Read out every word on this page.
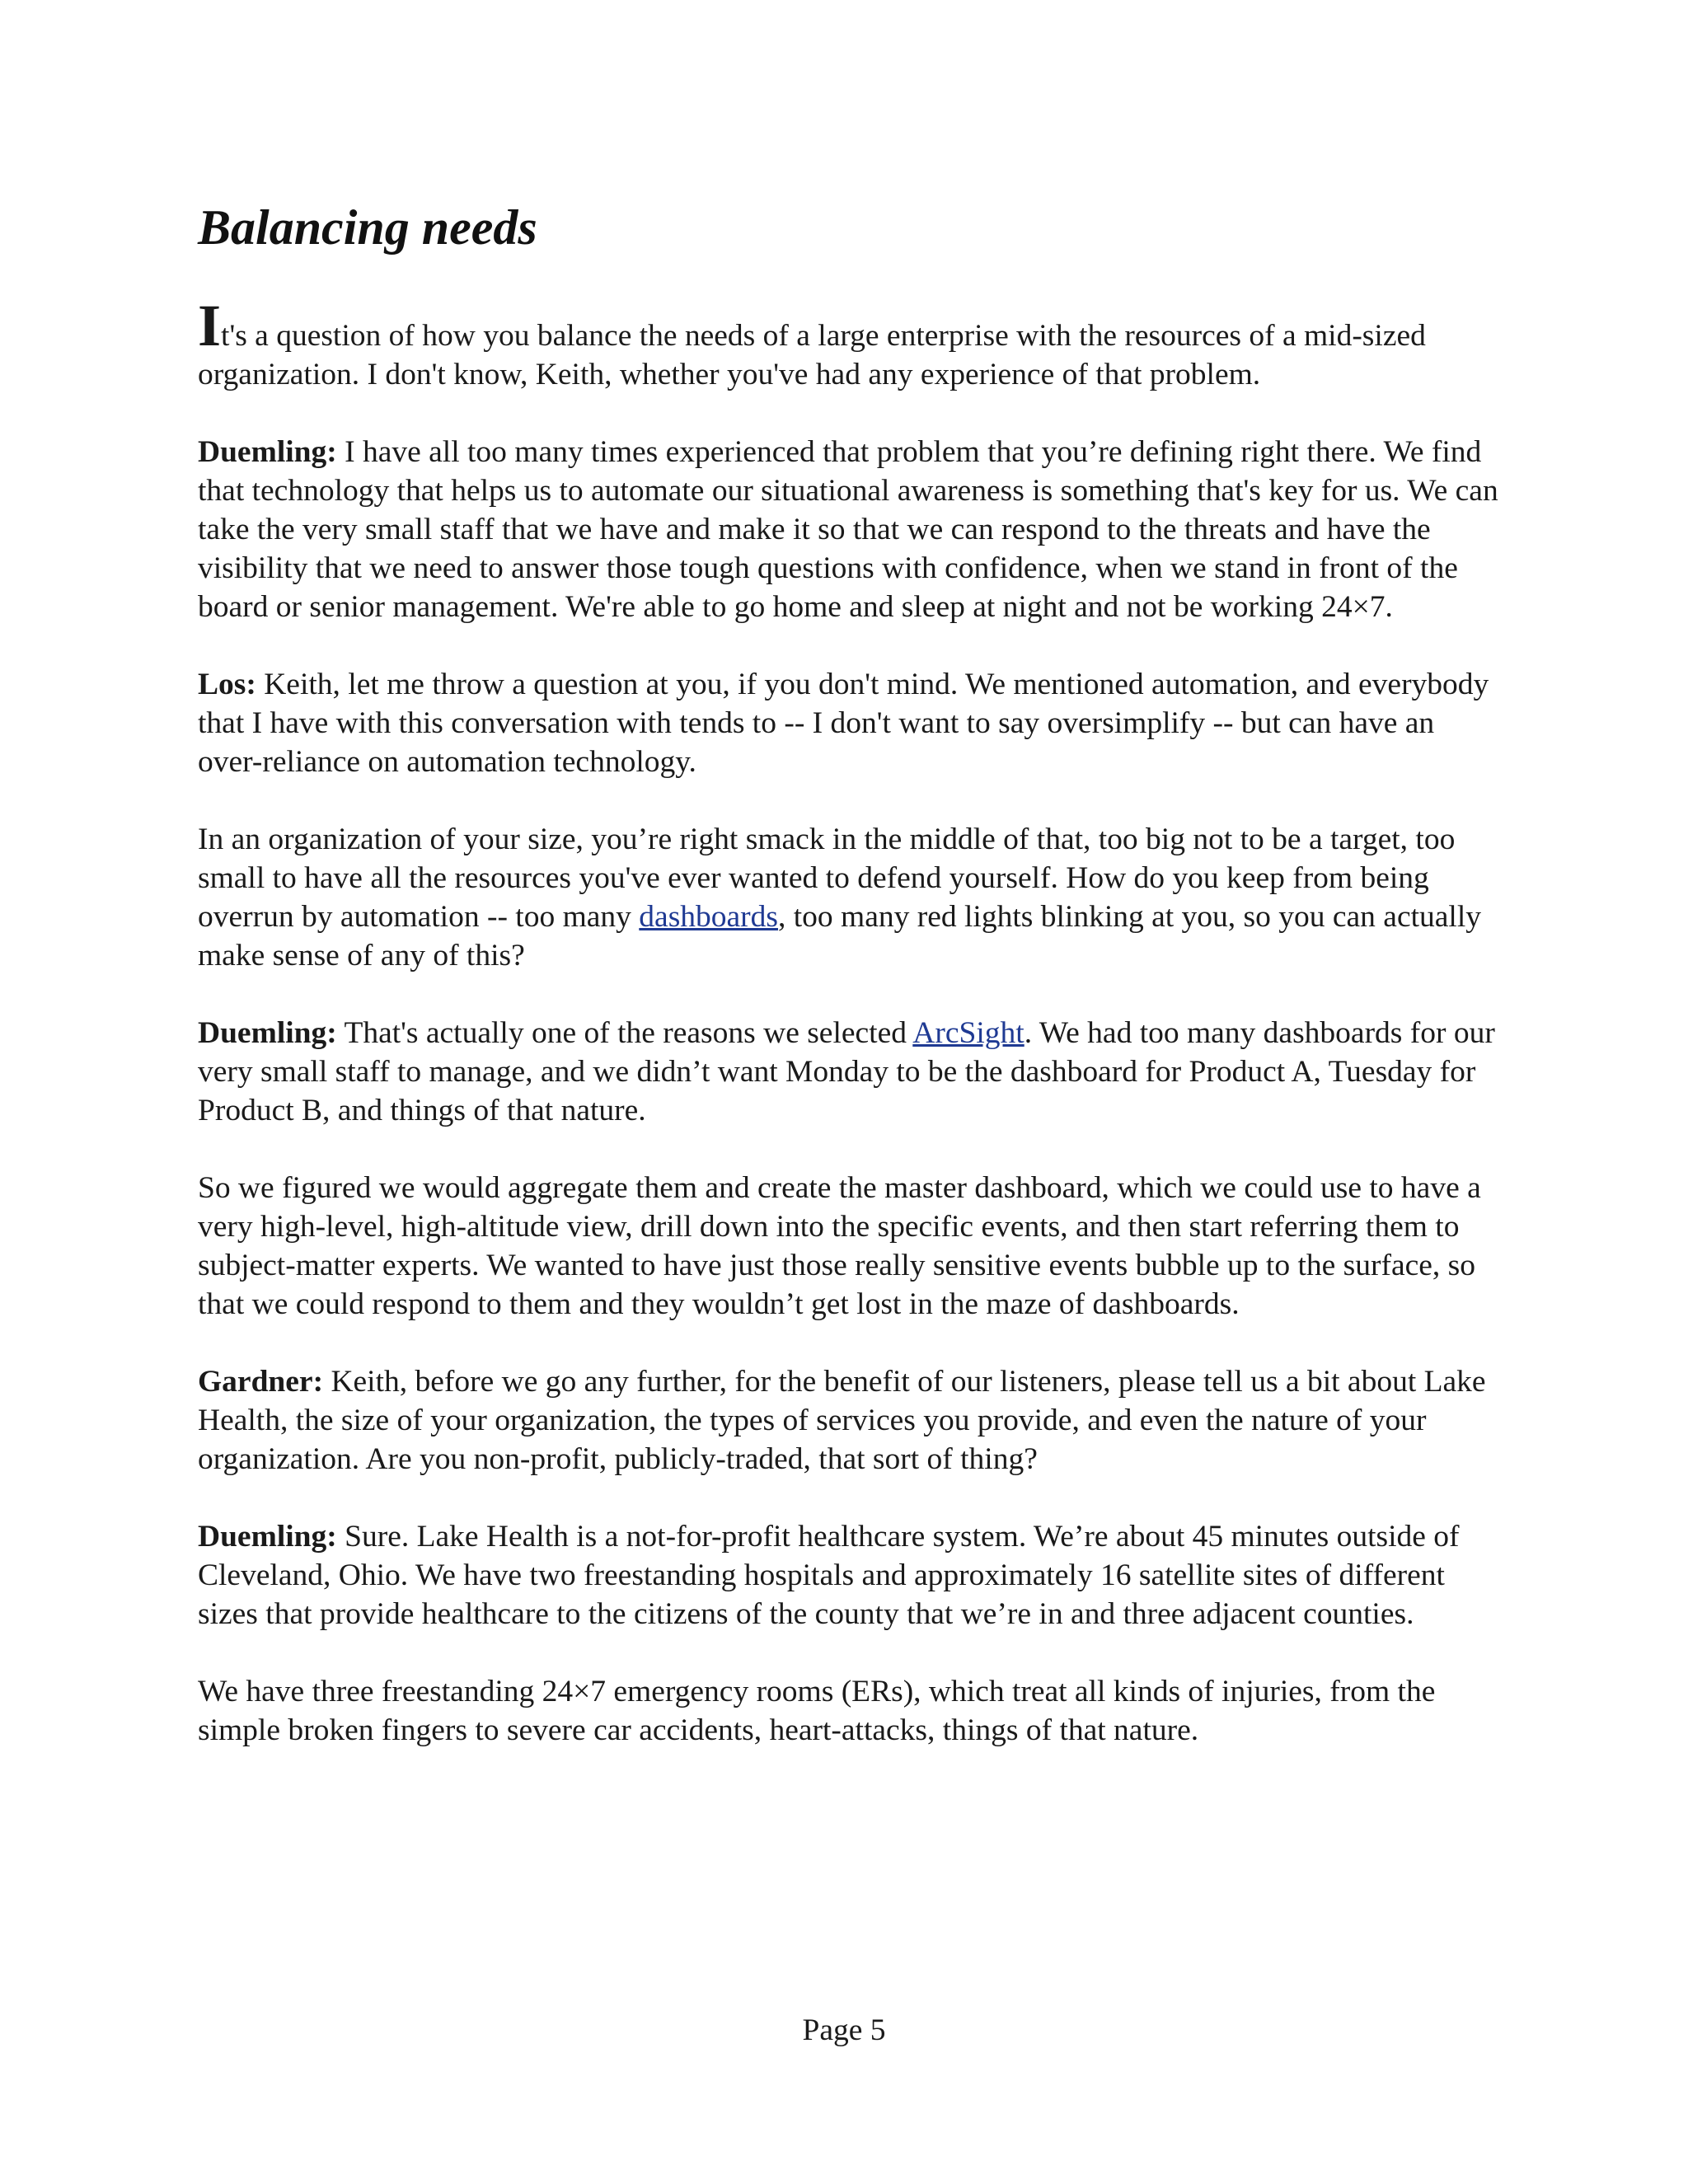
Balancing needs

It's a question of how you balance the needs of a large enterprise with the resources of a mid-sized organization. I don't know, Keith, whether you've had any experience of that problem.

Duemling: I have all too many times experienced that problem that you’re defining right there. We find that technology that helps us to automate our situational awareness is something that's key for us. We can take the very small staff that we have and make it so that we can respond to the threats and have the visibility that we need to answer those tough questions with confidence, when we stand in front of the board or senior management. We're able to go home and sleep at night and not be working 24×7.

Los: Keith, let me throw a question at you, if you don't mind. We mentioned automation, and everybody that I have with this conversation with tends to -- I don't want to say oversimplify -- but can have an over-reliance on automation technology.

In an organization of your size, you’re right smack in the middle of that, too big not to be a target, too small to have all the resources you've ever wanted to defend yourself. How do you keep from being overrun by automation -- too many dashboards, too many red lights blinking at you, so you can actually make sense of any of this?

Duemling: That's actually one of the reasons we selected ArcSight. We had too many dashboards for our very small staff to manage, and we didn’t want Monday to be the dashboard for Product A, Tuesday for Product B, and things of that nature.

So we figured we would aggregate them and create the master dashboard, which we could use to have a very high-level, high-altitude view, drill down into the specific events, and then start referring them to subject-matter experts. We wanted to have just those really sensitive events bubble up to the surface, so that we could respond to them and they wouldn’t get lost in the maze of dashboards.

Gardner: Keith, before we go any further, for the benefit of our listeners, please tell us a bit about Lake Health, the size of your organization, the types of services you provide, and even the nature of your organization. Are you non-profit, publicly-traded, that sort of thing?

Duemling: Sure. Lake Health is a not-for-profit healthcare system. We’re about 45 minutes outside of Cleveland, Ohio. We have two freestanding hospitals and approximately 16 satellite sites of different sizes that provide healthcare to the citizens of the county that we’re in and three adjacent counties.

We have three freestanding 24×7 emergency rooms (ERs), which treat all kinds of injuries, from the simple broken fingers to severe car accidents, heart-attacks, things of that nature.

Page 5
